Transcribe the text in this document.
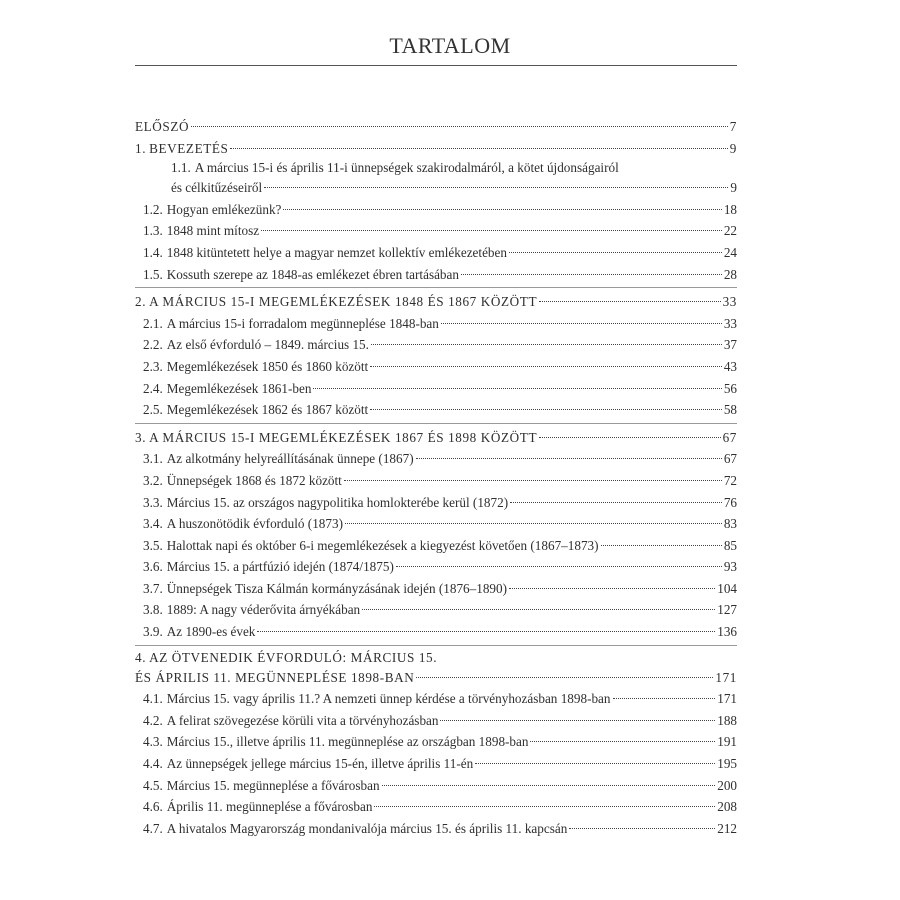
TARTALOM
ELŐSZÓ	7
1. BEVEZETÉS	9
1.1. A március 15-i és április 11-i ünnepségek szakirodalmáról, a kötet újdonságairól
és célkitűzéseiről	9
1.2. Hogyan emlékezünk?	18
1.3. 1848 mint mítosz	22
1.4. 1848 kitüntetett helye a magyar nemzet kollektív emlékezetében	24
1.5. Kossuth szerepe az 1848-as emlékezet ébren tartásában	28
2. A MÁRCIUS 15-I MEGEMLÉKEZÉSEK 1848 ÉS 1867 KÖZÖTT	33
2.1. A március 15-i forradalom megünneplése 1848-ban	33
2.2. Az első évforduló – 1849. március 15.	37
2.3. Megemlékezések 1850 és 1860 között	43
2.4. Megemlékezések 1861-ben	56
2.5. Megemlékezések 1862 és 1867 között	58
3. A MÁRCIUS 15-I MEGEMLÉKEZÉSEK 1867 ÉS 1898 KÖZÖTT	67
3.1. Az alkotmány helyreállításának ünnepe (1867)	67
3.2. Ünnepségek 1868 és 1872 között	72
3.3. Március 15. az országos nagypolitika homlokterébe kerül (1872)	76
3.4. A huszonötödik évforduló (1873)	83
3.5. Halottak napi és október 6-i megemlékezések a kiegyezést követően (1867–1873)	85
3.6. Március 15. a pártfúzió idején (1874/1875)	93
3.7. Ünnepségek Tisza Kálmán kormányzásának idején (1876–1890)	104
3.8. 1889: A nagy véderővita árnyékában	127
3.9. Az 1890-es évek	136
4. AZ ÖTVENEDIK ÉVFORDULÓ: MÁRCIUS 15.
ÉS ÁPRILIS 11. MEGÜNNEPLÉSE 1898-BAN	171
4.1. Március 15. vagy április 11.? A nemzeti ünnep kérdése a törvényhozásban 1898-ban	171
4.2. A felirat szövegezése körüli vita a törvényhozásban	188
4.3. Március 15., illetve április 11. megünneplése az országban 1898-ban	191
4.4. Az ünnepségek jellege március 15-én, illetve április 11-én	195
4.5. Március 15. megünneplése a fővárosban	200
4.6. Április 11. megünneplése a fővárosban	208
4.7. A hivatalos Magyarország mondanivalója március 15. és április 11. kapcsán	212
